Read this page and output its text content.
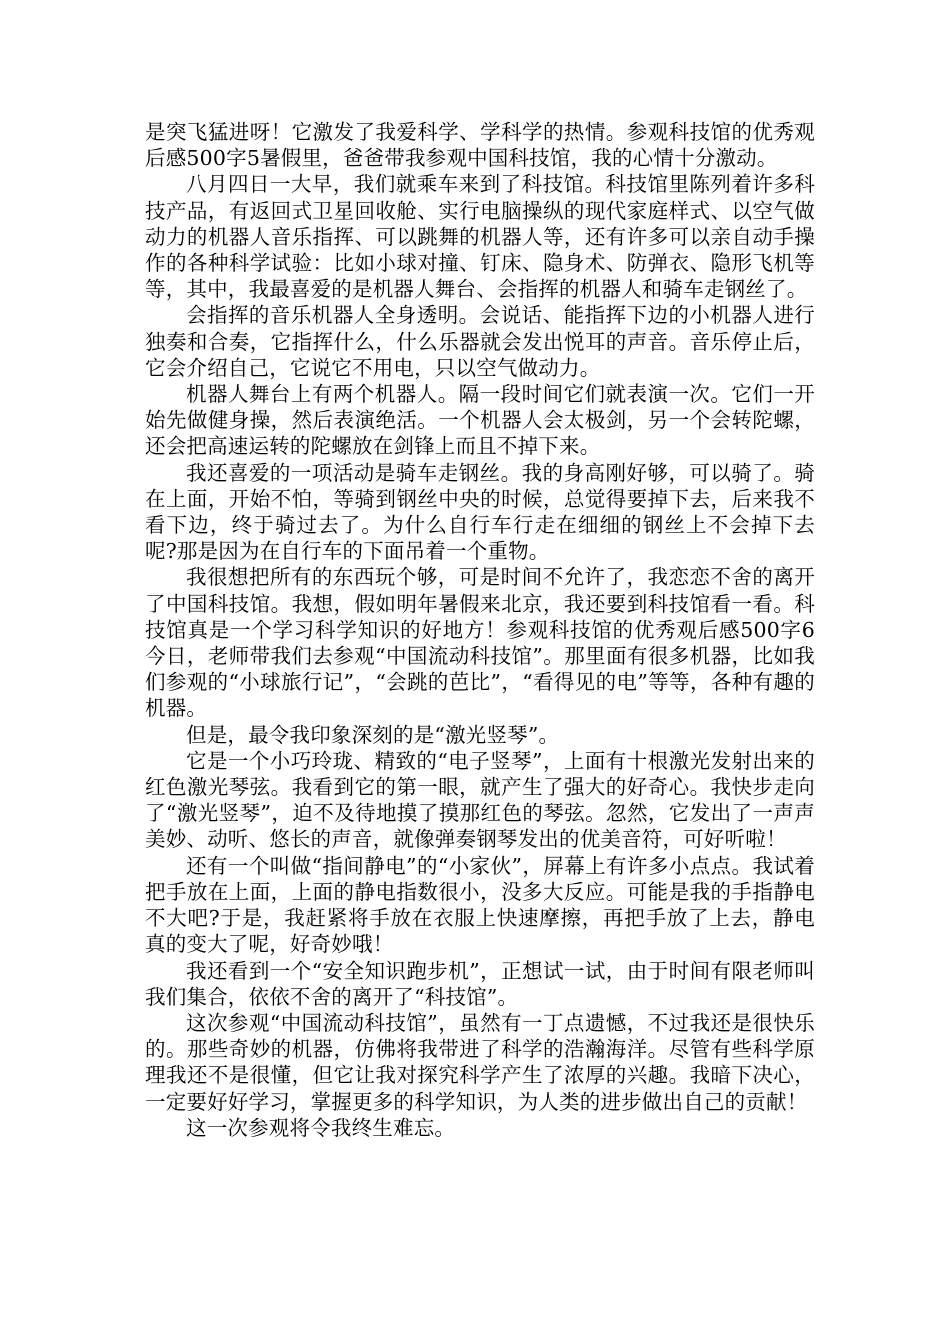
是突飞猛进呀！它激发了我爱科学、学科学的热情。参观科技馆的优秀观后感500字5暑假里，爸爸带我参观中国科技馆，我的心情十分激动。

八月四日一大早，我们就乘车来到了科技馆。科技馆里陈列着许多科技产品，有返回式卫星回收舱、实行电脑操纵的现代家庭样式、以空气做动力的机器人音乐指挥、可以跳舞的机器人等，还有许多可以亲自动手操作的各种科学试验：比如小球对撞、钉床、隐身术、防弹衣、隐形飞机等等，其中，我最喜爱的是机器人舞台、会指挥的机器人和骑车走钢丝了。

会指挥的音乐机器人全身透明。会说话、能指挥下边的小机器人进行独奏和合奏，它指挥什么，什么乐器就会发出悦耳的声音。音乐停止后，它会介绍自己，它说它不用电，只以空气做动力。

机器人舞台上有两个机器人。隔一段时间它们就表演一次。它们一开始先做健身操，然后表演绝活。一个机器人会太极剑，另一个会转陀螺，还会把高速运转的陀螺放在剑锋上而且不掉下来。

我还喜爱的一项活动是骑车走钢丝。我的身高刚好够，可以骑了。骑在上面，开始不怕，等骑到钢丝中央的时候，总觉得要掉下去，后来我不看下边，终于骑过去了。为什么自行车行走在细细的钢丝上不会掉下去呢?那是因为在自行车的下面吊着一个重物。

我很想把所有的东西玩个够，可是时间不允许了，我恋恋不舍的离开了中国科技馆。我想，假如明年暑假来北京，我还要到科技馆看一看。科技馆真是一个学习科学知识的好地方！参观科技馆的优秀观后感500字6今日，老师带我们去参观“中国流动科技馆”。那里面有很多机器，比如我们参观的“小球旅行记”，“会跳的芭比”，“看得见的电”等等，各种有趣的机器。

但是，最令我印象深刻的是“激光竖琴”。

它是一个小巧玲珑、精致的“电子竖琴”，上面有十根激光发射出来的红色激光琴弦。我看到它的第一眼，就产生了强大的好奇心。我快步走向了“激光竖琴”，迫不及待地摸了摸那红色的琴弦。忽然，它发出了一声声美妙、动听、悠长的声音，就像弹奏钢琴发出的优美音符，可好听啦！

还有一个叫做“指间静电”的“小家伙”，屏幕上有许多小点点。我试着把手放在上面，上面的静电指数很小，没多大反应。可能是我的手指静电不大吧?于是，我赶紧将手放在衣服上快速摩擦，再把手放了上去，静电真的变大了呢，好奇妙哦！

我还看到一个“安全知识跑步机”，正想试一试，由于时间有限老师叫我们集合，依依不舍的离开了“科技馆”。

这次参观“中国流动科技馆”，虽然有一丁点遗憾，不过我还是很快乐的。那些奇妙的机器，仿佛将我带进了科学的浩瀚海洋。尽管有些科学原理我还不是很懂，但它让我对探究科学产生了浓厚的兴趣。我暗下决心，一定要好好学习，掌握更多的科学知识，为人类的进步做出自己的贡献！

这一次参观将令我终生难忘。
